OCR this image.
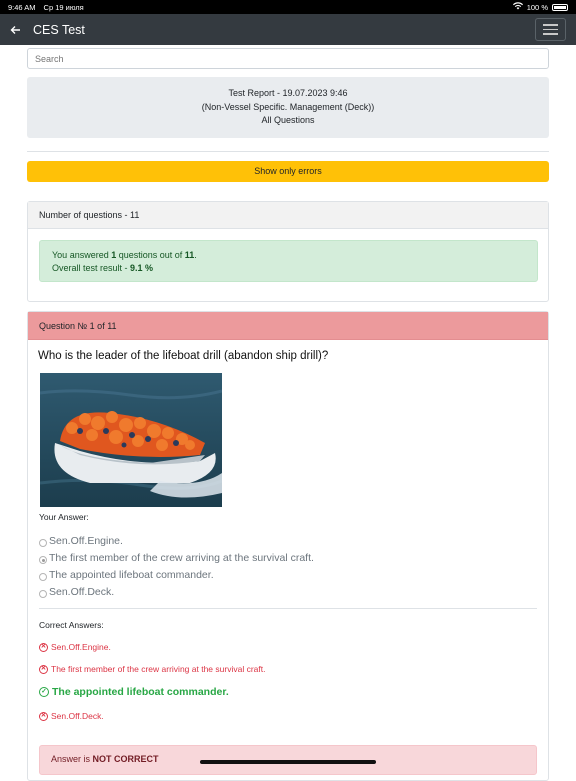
9:46 AM Ср 19 июля	100 %
CES Test
Search
Test Report - 19.07.2023 9:46
(Non-Vessel Specific. Management (Deck))
All Questions
Show only errors
Number of questions - 11
You answered 1 questions out of 11.
Overall test result - 9.1 %
Question № 1 of 11
Who is the leader of the lifeboat drill (abandon ship drill)?
Your Answer:
Sen.Off.Engine.
The first member of the crew arriving at the survival craft.
The appointed lifeboat commander.
Sen.Off.Deck.
Correct Answers:
✕ Sen.Off.Engine.
✕ The first member of the crew arriving at the survival craft.
✓ The appointed lifeboat commander.
✕ Sen.Off.Deck.
Answer is NOT CORRECT
